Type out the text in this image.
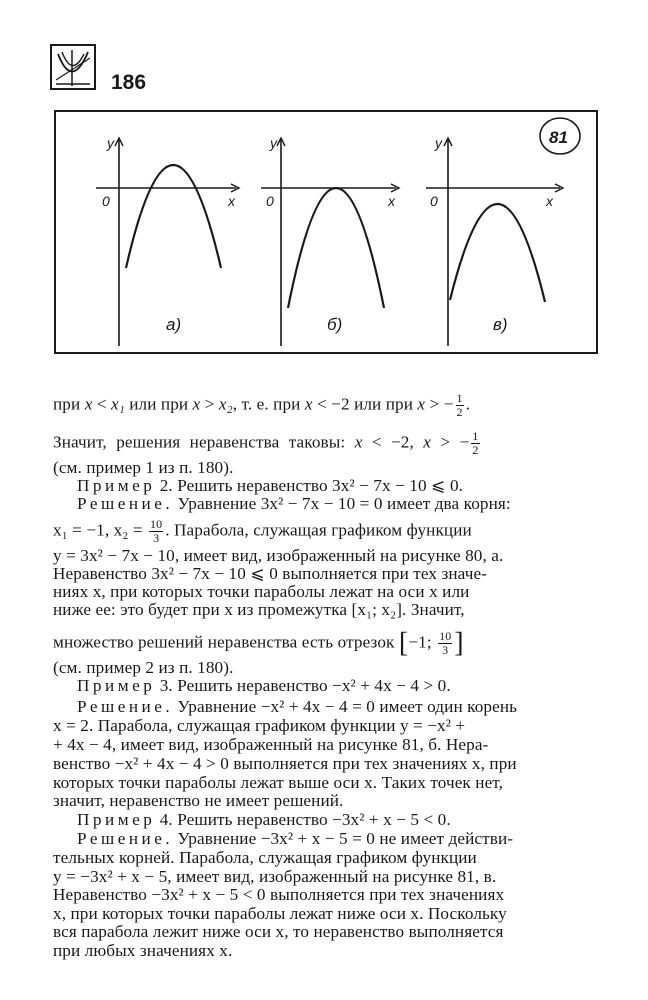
186
y	y	y
x	x	x
0	0	0
81
а)	б)	в)
при x < x₁ или при x > x₂, т. е. при x < −2 или при x > − $\frac{1}{2}$ .
Значит, решения неравенства таковы: x < −2, x > − $\frac{1}{2}$
(см. пример 1 из п. 180).
Пример 2. Решить неравенство 3x² − 7x − 10 ⩽ 0.
Решение. Уравнение 3x² − 7x − 10 = 0 имеет два корня:
x₁ = −1, $x_2 = \frac{10}{3}$ . Парабола, служащая графиком функции
y = 3x² − 7x − 10, имеет вид, изображенный на рисунке 80, а.
Неравенство 3x² − 7x − 10 ⩽ 0 выполняется при тех значе-
ниях x, при которых точки параболы лежат на оси x или
ниже ее: это будет при x из промежутка [x₁; x₂]. Значит,
множество решений неравенства есть отрезок [−1; $\frac{10}{3}$ ]
(см. пример 2 из п. 180).
Пример 3. Решить неравенство −x² + 4x − 4 > 0.
Решение. Уравнение −x² + 4x − 4 = 0 имеет один корень
x = 2. Парабола, служащая графиком функции y = −x² +
+ 4x − 4, имеет вид, изображенный на рисунке 81, б. Нера-
венство −x² + 4x − 4 > 0 выполняется при тех значениях x, при
которых точки параболы лежат выше оси x. Таких точек нет,
значит, неравенство не имеет решений.
Пример 4. Решить неравенство −3x² + x − 5 < 0.
Решение. Уравнение −3x² + x − 5 = 0 не имеет действи-
тельных корней. Парабола, служащая графиком функции
y = −3x² + x − 5, имеет вид, изображенный на рисунке 81, в.
Неравенство −3x² + x − 5 < 0 выполняется при тех значениях
x, при которых точки параболы лежат ниже оси x. Поскольку
вся парабола лежит ниже оси x, то неравенство выполняется
при любых значениях x.
